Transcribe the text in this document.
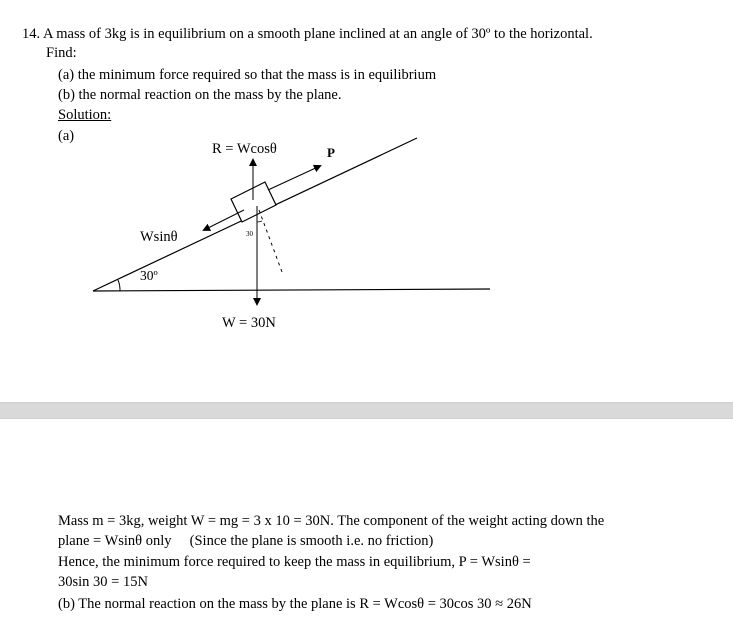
14. A mass of 3kg is in equilibrium on a smooth plane inclined at an angle of 30º to the horizontal.
Find:
(a) the minimum force required so that the mass is in equilibrium
(b) the normal reaction on the mass by the plane.
Solution:
(a)
R = Wcosθ	P
Wsinθ	30
30º
W = 30N
Mass m = 3kg, weight W = mg = 3 x 10 = 30N. The component of the weight acting down the
plane = Wsinθ only     (Since the plane is smooth i.e. no friction)
Hence, the minimum force required to keep the mass in equilibrium, P = Wsinθ =
30sin 30 = 15N
(b) The normal reaction on the mass by the plane is R = Wcosθ = 30cos 30 ≈ 26N
